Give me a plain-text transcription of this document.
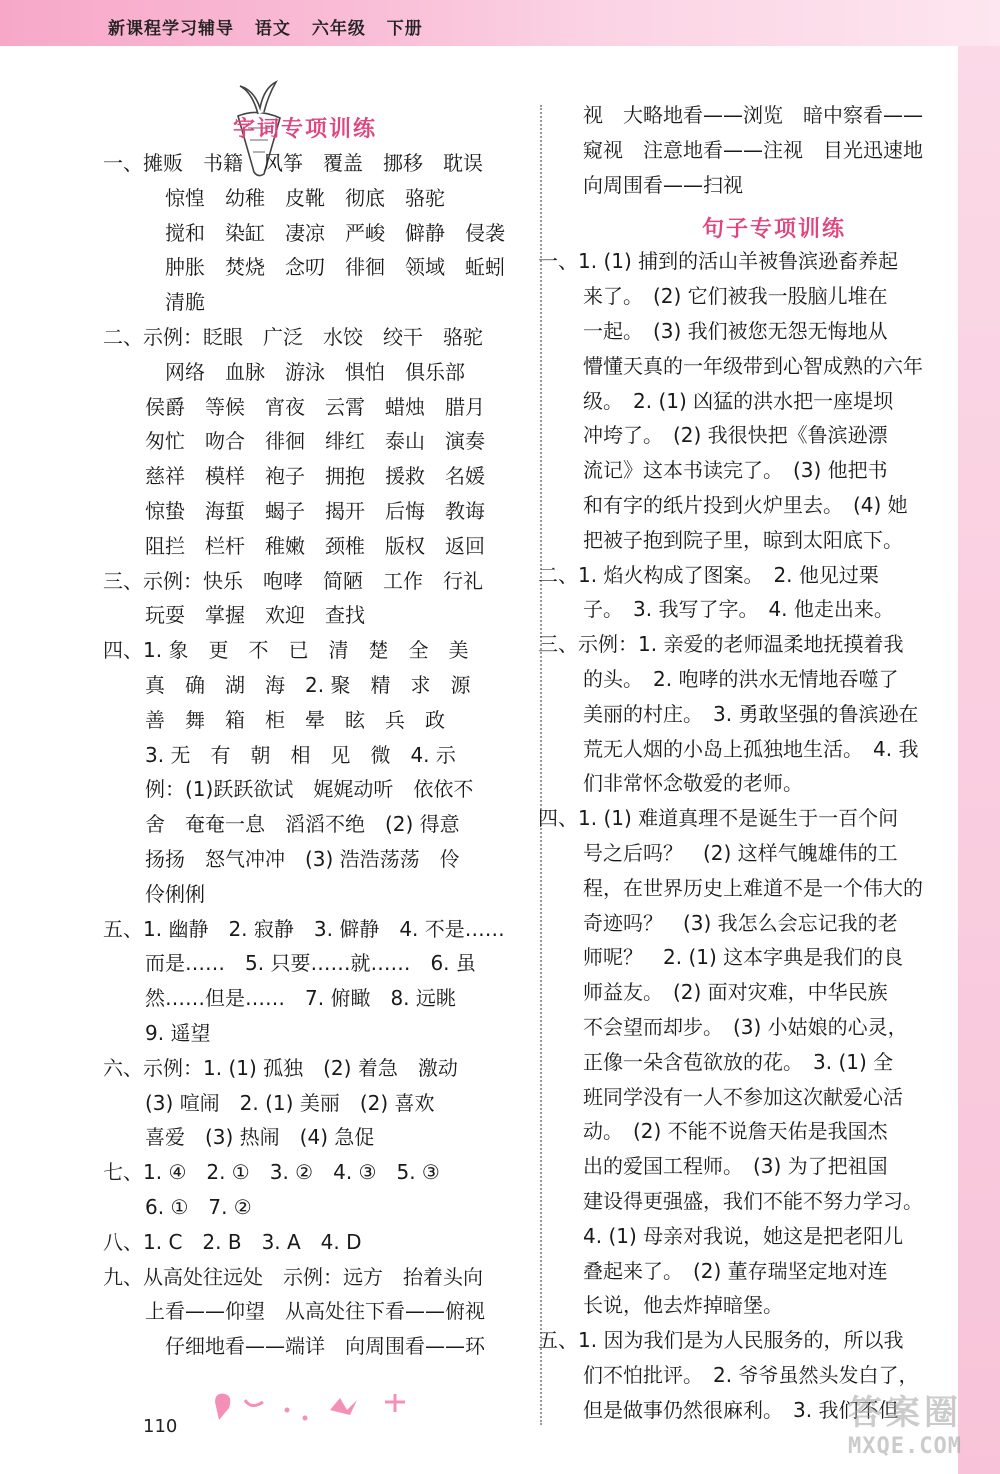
新课程学习辅导 语文 六年级 下册
字词专项训练
一、摊贩　书籍　风筝　覆盖　挪移　耽误
惊惶　幼稚　皮靴　彻底　骆驼
搅和　染缸　凄凉　严峻　僻静　侵袭
肿胀　焚烧　念叨　徘徊　领域　蚯蚓
清脆
二、示例：眨眼　广泛　水饺　绞干　骆驼
网络　血脉　游泳　惧怕　俱乐部
侯爵　等候　宵夜　云霄　蜡烛　腊月
匆忙　吻合　徘徊　绯红　泰山　演奏
慈祥　模样　袍子　拥抱　援救　名媛
惊蛰　海蜇　蝎子　揭开　后悔　教诲
阻拦　栏杆　稚嫩　颈椎　版权　返回
三、示例：快乐　咆哮　简陋　工作　行礼
玩耍　掌握　欢迎　查找
四、1. 象　更　不　已　清　楚　全　美
真　确　湖　海　2. 聚　精　求　源
善　舞　箱　柜　晕　眩　兵　政
3. 无　有　朝　相　见　微　4. 示
例：(1)跃跃欲试　娓娓动听　依依不
舍　奄奄一息　滔滔不绝　(2) 得意
扬扬　怒气冲冲　(3) 浩浩荡荡　伶
伶俐俐
五、1. 幽静　2. 寂静　3. 僻静　4. 不是……
而是……　5. 只要……就……　6. 虽
然……但是……　7. 俯瞰　8. 远眺
9. 遥望
六、示例：1. (1) 孤独　(2) 着急　激动
(3) 喧闹　2. (1) 美丽　(2) 喜欢
喜爱　(3) 热闹　(4) 急促
七、1. ④　2. ①　3. ②　4. ③　5. ③
6. ①　7. ②
八、1. C　2. B　3. A　4. D
九、从高处往远处　示例：远方　抬着头向
上看——仰望　从高处往下看——俯视
仔细地看——端详　向周围看——环
视　大略地看——浏览　暗中察看——
窥视　注意地看——注视　目光迅速地
向周围看——扫视
一、1. (1) 捕到的活山羊被鲁滨逊畜养起
来了。　(2) 它们被我一股脑儿堆在
一起。　(3) 我们被您无怨无悔地从
懵懂天真的一年级带到心智成熟的六年
级。　2. (1) 凶猛的洪水把一座堤坝
冲垮了。　(2) 我很快把《鲁滨逊漂
流记》这本书读完了。　(3) 他把书
和有字的纸片投到火炉里去。　(4) 她
把被子抱到院子里，晾到太阳底下。
二、1. 焰火构成了图案。　2. 他见过栗
子。　3. 我写了字。　4. 他走出来。
三、示例：1. 亲爱的老师温柔地抚摸着我
的头。　2. 咆哮的洪水无情地吞噬了
美丽的村庄。　3. 勇敢坚强的鲁滨逊在
荒无人烟的小岛上孤独地生活。　4. 我
们非常怀念敬爱的老师。
四、1. (1) 难道真理不是诞生于一百个问
号之后吗？　(2) 这样气魄雄伟的工
程，在世界历史上难道不是一个伟大的
奇迹吗？　(3) 我怎么会忘记我的老
师呢？　2. (1) 这本字典是我们的良
师益友。　(2) 面对灾难，中华民族
不会望而却步。　(3) 小姑娘的心灵，
正像一朵含苞欲放的花。　3. (1) 全
班同学没有一人不参加这次献爱心活
动。　(2) 不能不说詹天佑是我国杰
出的爱国工程师。　(3) 为了把祖国
建设得更强盛，我们不能不努力学习。
4. (1) 母亲对我说，她这是把老阳儿
叠起来了。　(2) 董存瑞坚定地对连
长说，他去炸掉暗堡。
五、1. 因为我们是为人民服务的，所以我
们不怕批评。　2. 爷爷虽然头发白了，
但是做事仍然很麻利。　3. 我们不但
句子专项训练
110	答案圈
MXQE.COM
